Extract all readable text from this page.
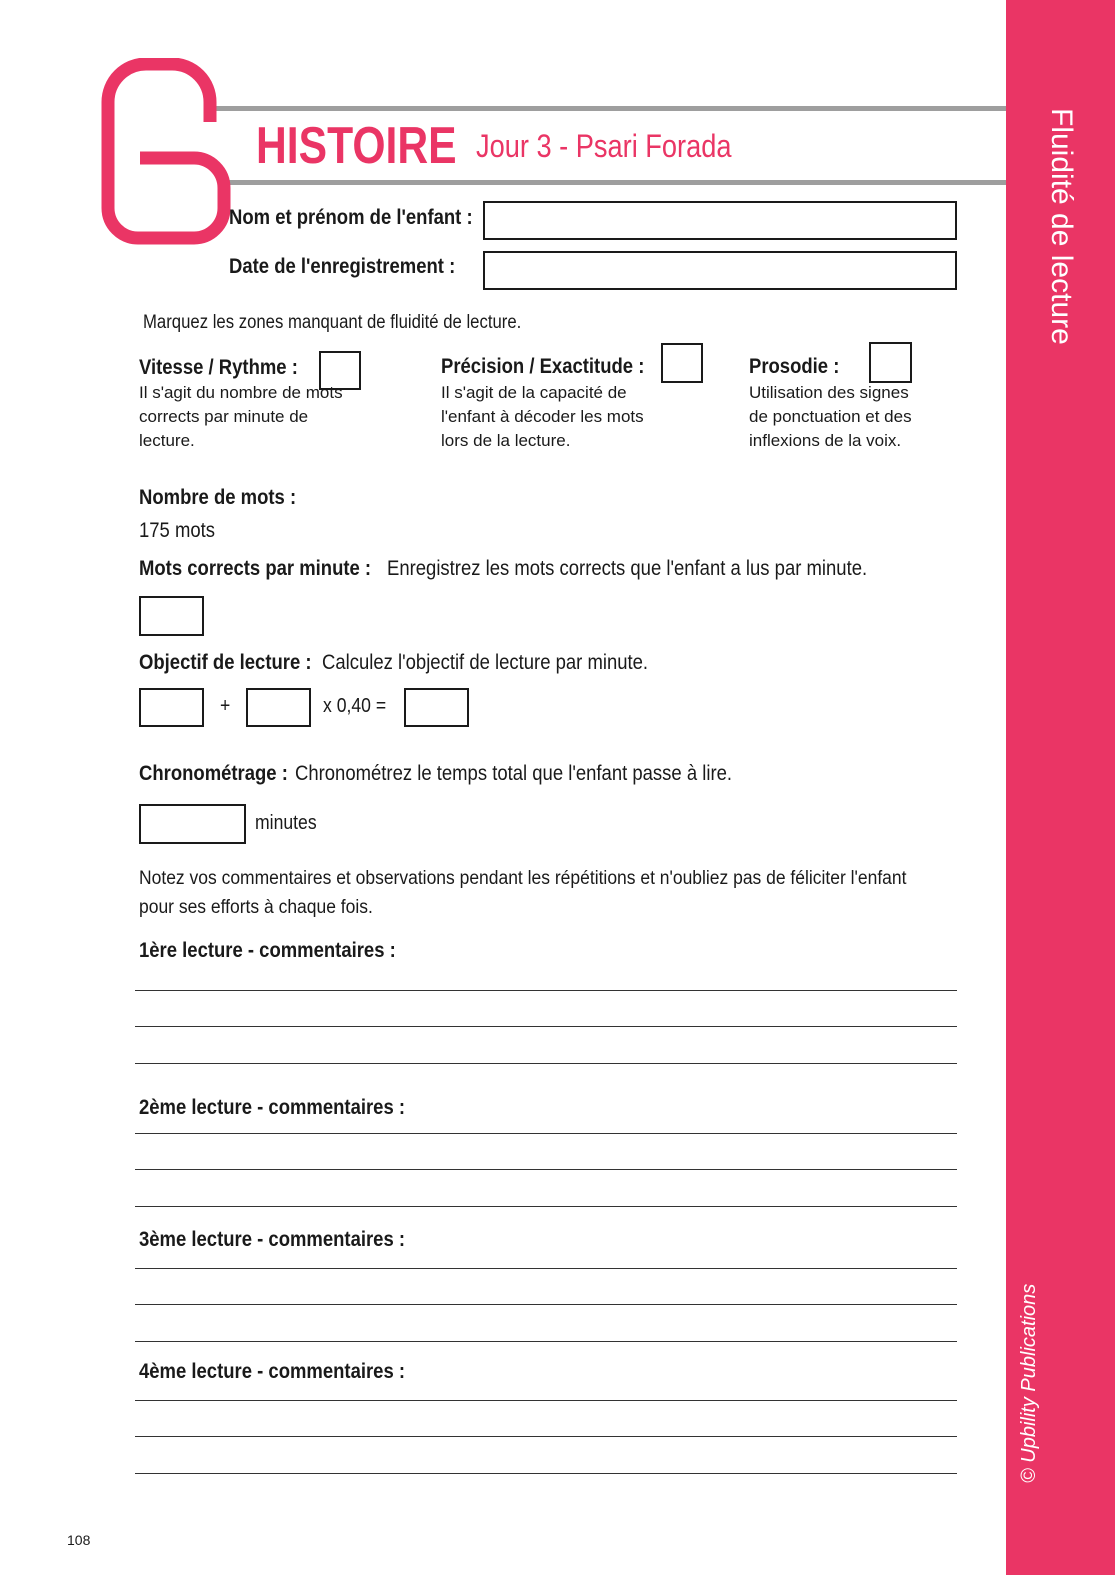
Fluidité de lecture
© Upbility Publications
HISTOIRE Jour 3 - Psari Forada
Nom et prénom de l'enfant :
Date de l'enregistrement :
Marquez les zones manquant de fluidité de lecture.
Vitesse / Rythme :
Il s'agit du nombre de mots corrects par minute de lecture.
Précision / Exactitude :
Il s'agit de la capacité de l'enfant à décoder les mots lors de la lecture.
Prosodie :
Utilisation des signes de ponctuation et des inflexions de la voix.
Nombre de mots :
175 mots
Mots corrects par minute : Enregistrez les mots corrects que l'enfant a lus par minute.
Objectif de lecture : Calculez l'objectif de lecture par minute.
+	x 0,40 =
Chronométrage : Chronométrez le temps total que l'enfant passe à lire.
minutes
Notez vos commentaires et observations pendant les répétitions et n'oubliez pas de féliciter l'enfant pour ses efforts à chaque fois.
1ère lecture - commentaires :
2ème lecture - commentaires :
3ème lecture - commentaires :
4ème lecture - commentaires :
108
